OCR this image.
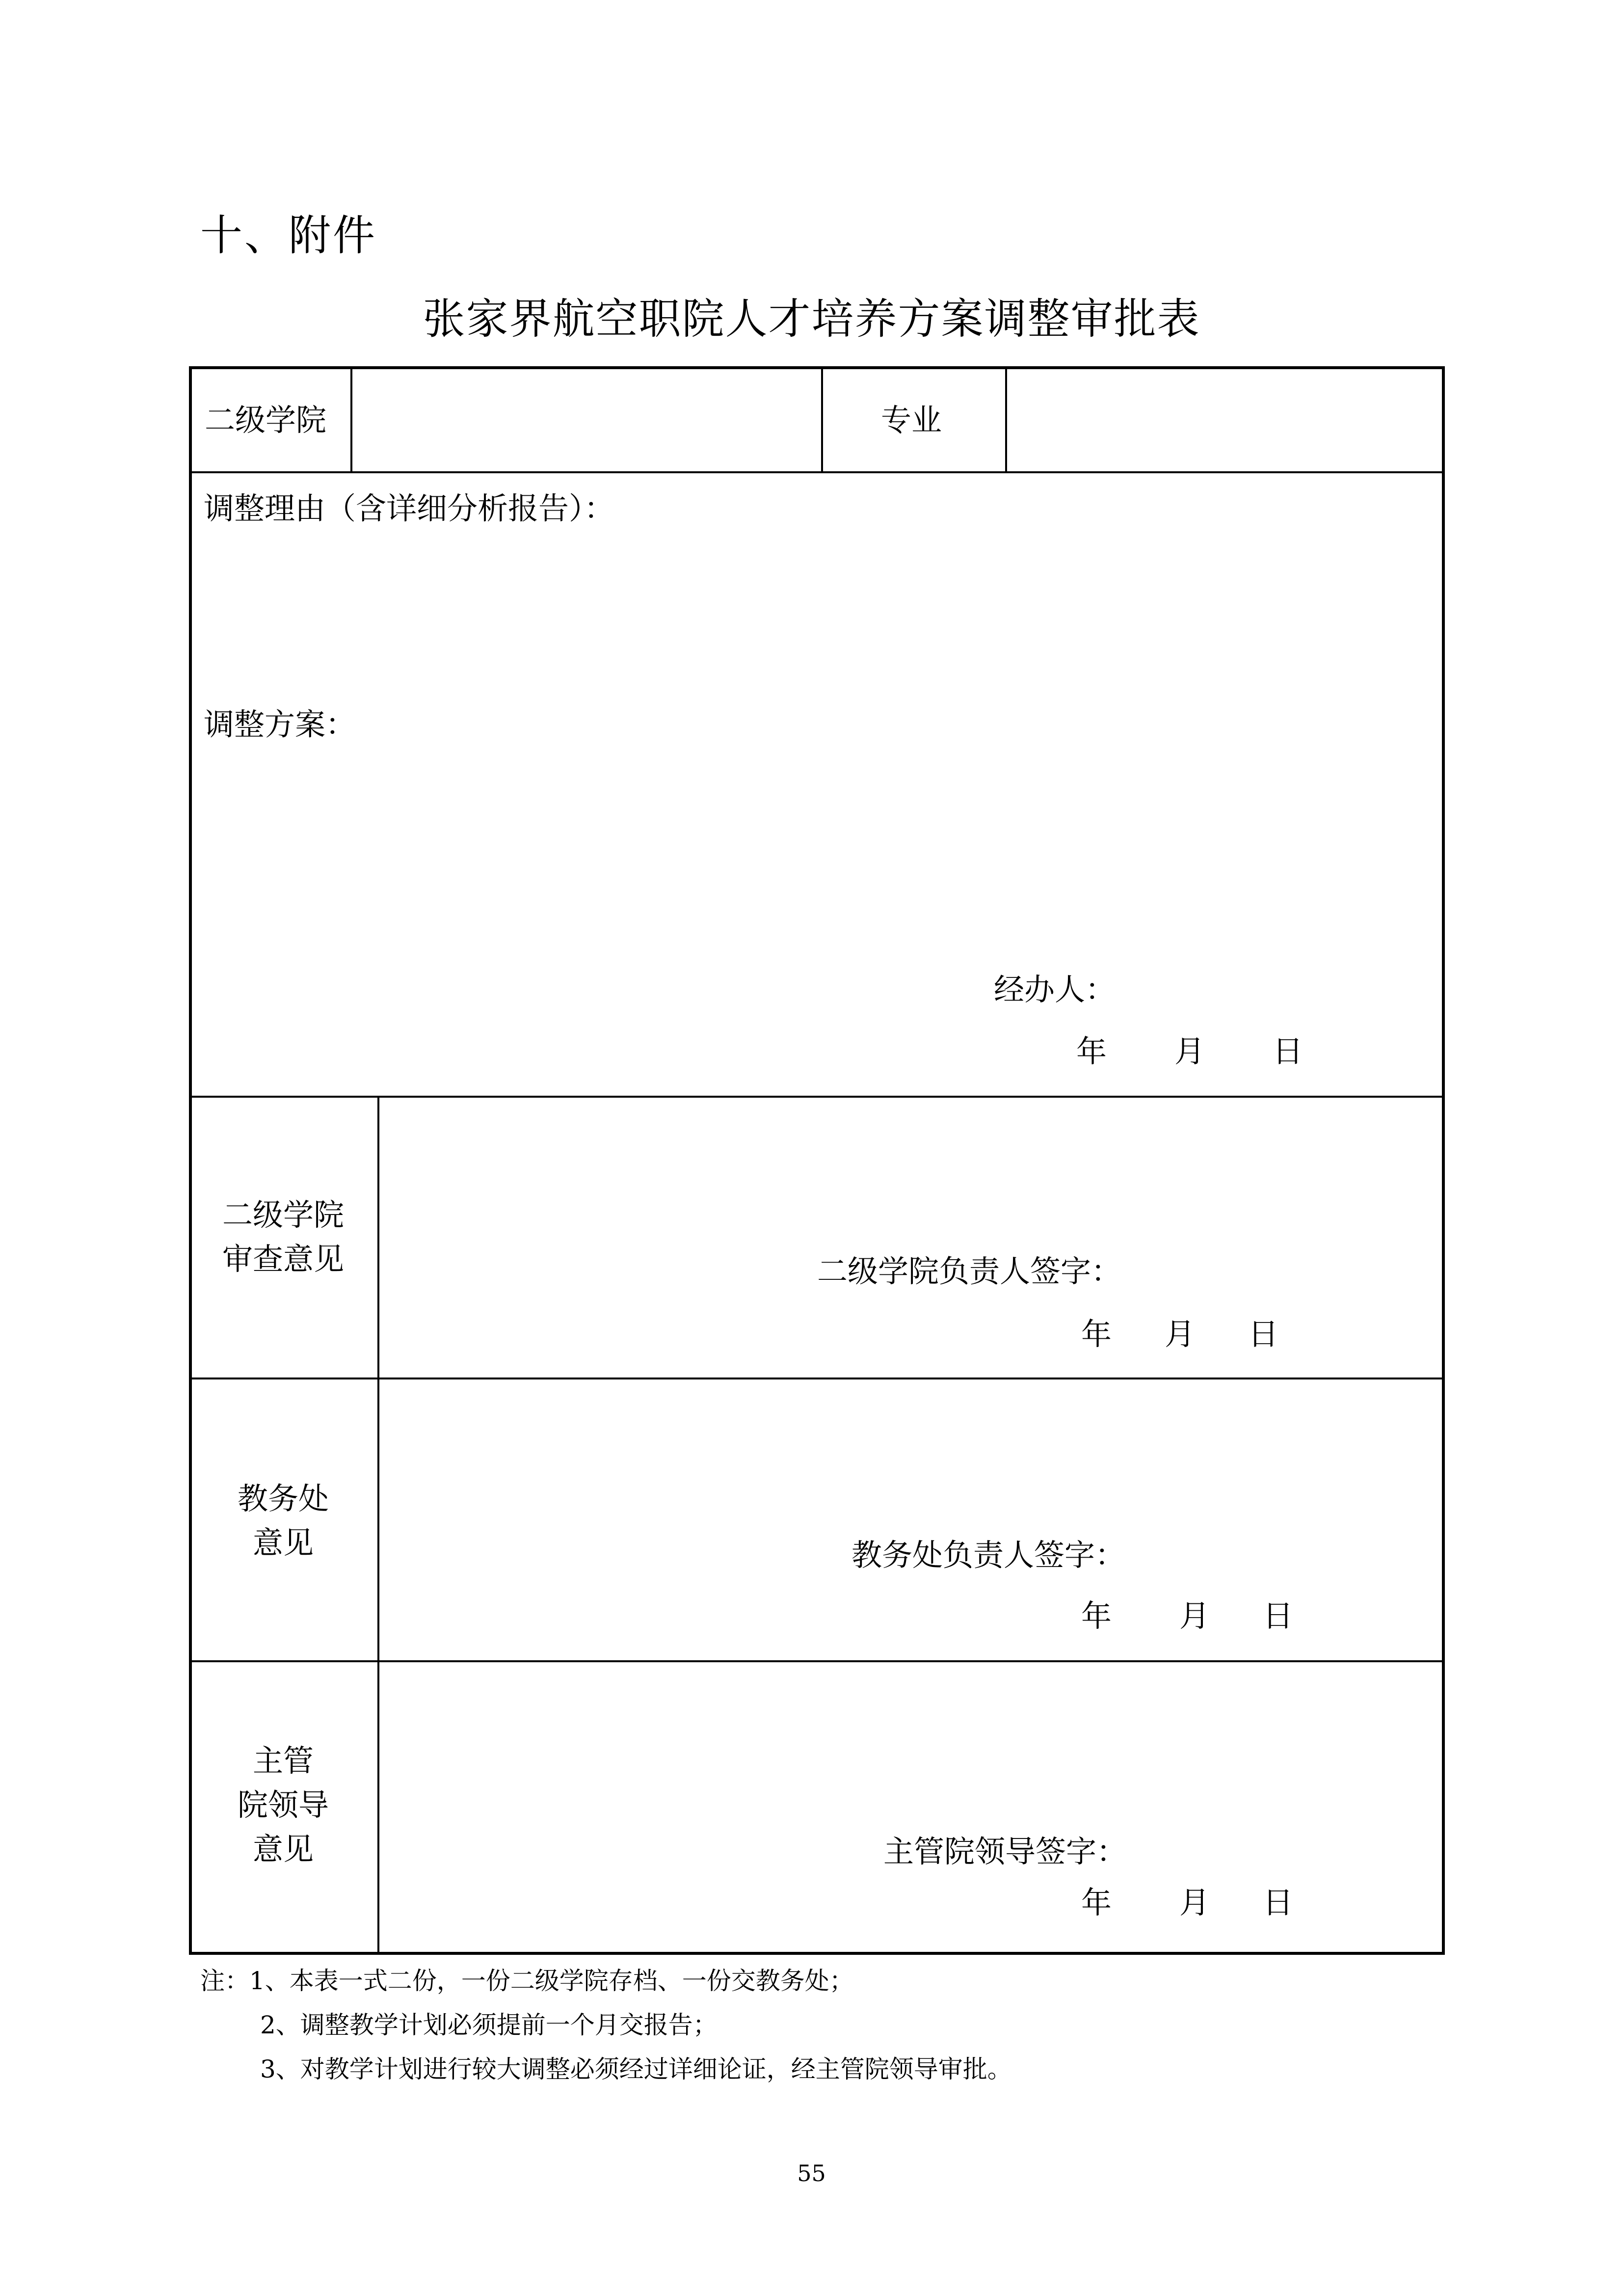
十、附件
张家界航空职院人才培养方案调整审批表
二级学院	专业
调整理由（含详细分析报告）：
调整方案：
经办人：
年 月 日
二级学院
审查意见	二级学院负责人签字：
年 月 日
教务处
意见	教务处负责人签字：
年 月 日
主管
院领导
意见	主管院领导签字：
年 月 日
注：1、本表一式二份，一份二级学院存档、一份交教务处；
2、调整教学计划必须提前一个月交报告；
3、对教学计划进行较大调整必须经过详细论证，经主管院领导审批。
55
